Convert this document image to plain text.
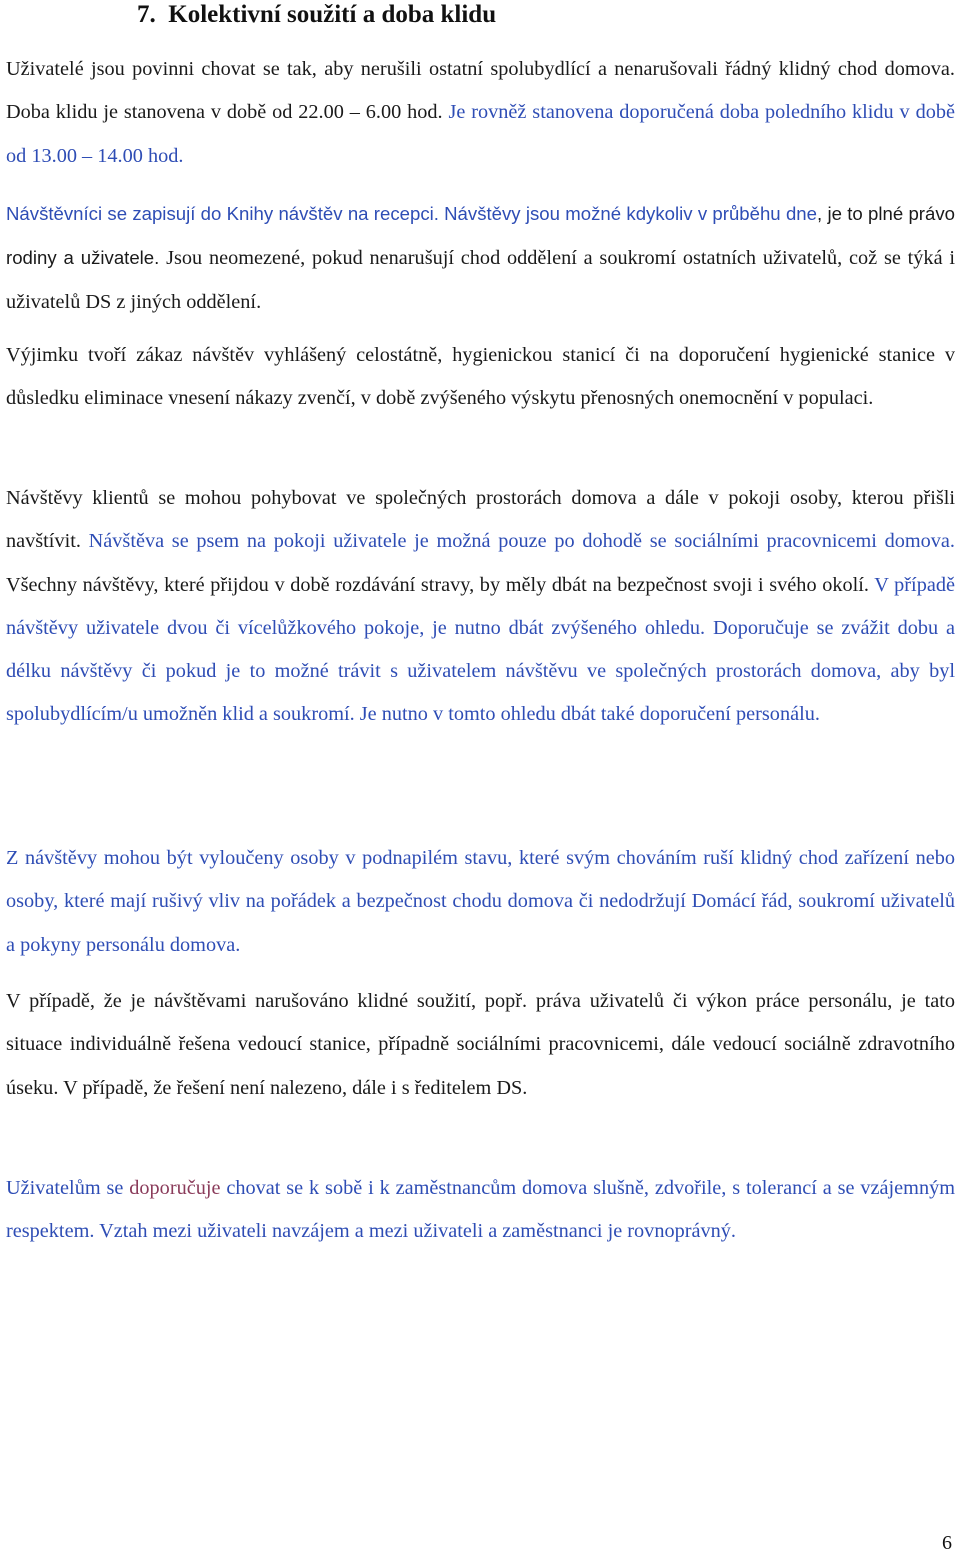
7. Kolektivní soužití a doba klidu

Uživatelé jsou povinni chovat se tak, aby nerušili ostatní spolubydlící a nenarušovali řádný klidný chod domova. Doba klidu je stanovena v době od 22.00 – 6.00 hod. Je rovněž stanovena doporučená doba poledního klidu v době od 13.00 – 14.00 hod.

Návštěvníci se zapisují do Knihy návštěv na recepci. Návštěvy jsou možné kdykoliv v průběhu dne, je to plné právo rodiny a uživatele. Jsou neomezené, pokud nenarušují chod oddělení a soukromí ostatních uživatelů, což se týká i uživatelů DS z jiných oddělení.

Výjimku tvoří zákaz návštěv vyhlášený celostátně, hygienickou stanicí či na doporučení hygienické stanice v důsledku eliminace vnesení nákazy zvenčí, v době zvýšeného výskytu přenosných onemocnění v populaci.

Návštěvy klientů se mohou pohybovat ve společných prostorách domova a dále v pokoji osoby, kterou přišli navštívit. Návštěva se psem na pokoji uživatele je možná pouze po dohodě se sociálními pracovnicemi domova. Všechny návštěvy, které přijdou v době rozdávání stravy, by měly dbát na bezpečnost svoji i svého okolí. V případě návštěvy uživatele dvou či vícelůžkového pokoje, je nutno dbát zvýšeného ohledu. Doporučuje se zvážit dobu a délku návštěvy či pokud je to možné trávit s uživatelem návštěvu ve společných prostorách domova, aby byl spolubydlícím/u umožněn klid a soukromí. Je nutno v tomto ohledu dbát také doporučení personálu.

Z návštěvy mohou být vyloučeny osoby v podnapilém stavu, které svým chováním ruší klidný chod zařízení nebo osoby, které mají rušivý vliv na pořádek a bezpečnost chodu domova či nedodržují Domácí řád, soukromí uživatelů a pokyny personálu domova.

V případě, že je návštěvami narušováno klidné soužití, popř. práva uživatelů či výkon práce personálu, je tato situace individuálně řešena vedoucí stanice, případně sociálními pracovnicemi, dále vedoucí sociálně zdravotního úseku. V případě, že řešení není nalezeno, dále i s ředitelem DS.

Uživatelům se doporučuje chovat se k sobě i k zaměstnancům domova slušně, zdvořile, s tolerancí a se vzájemným respektem. Vztah mezi uživateli navzájem a mezi uživateli a zaměstnanci je rovnoprávný.

6
